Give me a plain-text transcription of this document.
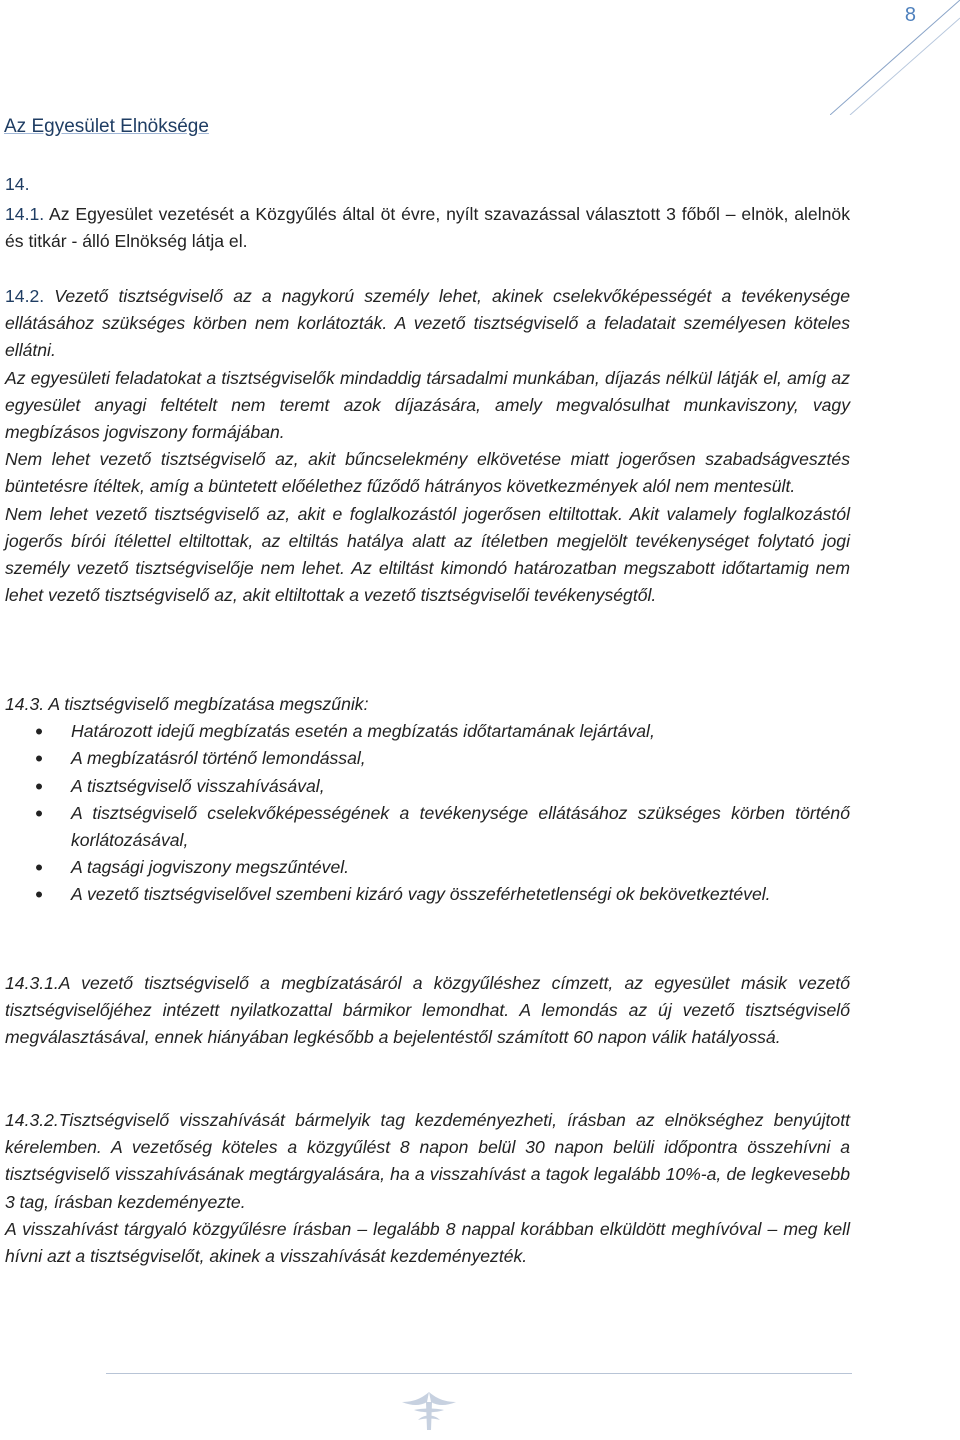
8
Az Egyesület Elnöksége
14.
14.1. Az Egyesület vezetését a Közgyűlés által öt évre, nyílt szavazással választott 3 főből – elnök, alelnök és titkár - álló Elnökség látja el.

14.2. Vezető tisztségviselő az a nagykorú személy lehet, akinek cselekvőképességét a tevékenysége ellátásához szükséges körben nem korlátozták. A vezető tisztségviselő a feladatait személyesen köteles ellátni.

Az egyesületi feladatokat a tisztségviselők mindaddig társadalmi munkában, díjazás nélkül látják el, amíg az egyesület anyagi feltételt nem teremt azok díjazására, amely megvalósulhat munkaviszony, vagy megbízásos jogviszony formájában.

Nem lehet vezető tisztségviselő az, akit bűncselekmény elkövetése miatt jogerősen szabadságvesztés büntetésre ítéltek, amíg a büntetett előélethez fűződő hátrányos következmények alól nem mentesült.

Nem lehet vezető tisztségviselő az, akit e foglalkozástól jogerősen eltiltottak. Akit valamely foglalkozástól jogerős bírói ítélettel eltiltottak, az eltiltás hatálya alatt az ítéletben megjelölt tevékenységet folytató jogi személy vezető tisztségviselője nem lehet. Az eltiltást kimondó határozatban megszabott időtartamig nem lehet vezető tisztségviselő az, akit eltiltottak a vezető tisztségviselői tevékenységtől.

14.3. A tisztségviselő megbízatása megszűnik:

• Határozott idejű megbízatás esetén a megbízatás időtartamának lejártával,
• A megbízatásról történő lemondással,
• A tisztségviselő visszahívásával,
• A tisztségviselő cselekvőképességének a tevékenysége ellátásához szükséges körben történő korlátozásával,
• A tagsági jogviszony megszűntével.
• A vezető tisztségviselővel szembeni kizáró vagy összeférhetetlenségi ok bekövetkeztével.
14.3.1.A vezető tisztségviselő a megbízatásáról a közgyűléshez címzett, az egyesület másik vezető tisztségviselőjéhez intézett nyilatkozattal bármikor lemondhat. A lemondás az új vezető tisztségviselő megválasztásával, ennek hiányában legkésőbb a bejelentéstől számított 60 napon válik hatályossá.

14.3.2.Tisztségviselő visszahívását bármelyik tag kezdeményezheti, írásban az elnökséghez benyújtott kérelemben. A vezetőség köteles a közgyűlést 8 napon belül 30 napon belüli időpontra összehívni a tisztségviselő visszahívásának megtárgyalására, ha a visszahívást a tagok legalább 10%-a, de legkevesebb 3 tag, írásban kezdeményezte.

A visszahívást tárgyaló közgyűlésre írásban – legalább 8 nappal korábban elküldött meghívóval – meg kell hívni azt a tisztségviselőt, akinek a visszahívását kezdeményezték.
